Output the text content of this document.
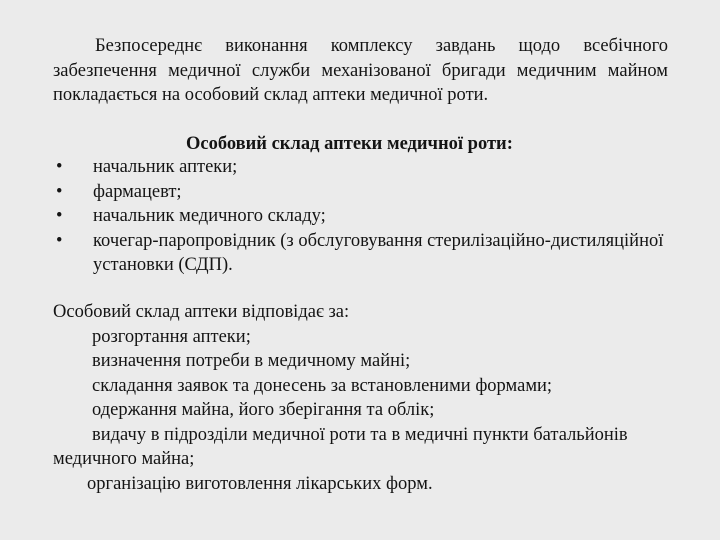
Безпосереднє виконання комплексу завдань щодо всебічного забезпечення медичної служби механізованої бригади медичним майном покладається на особовий склад аптеки медичної роти.

Особовий склад аптеки медичної роти:

• начальник аптеки;
• фармацевт;
• начальник медичного складу;
• кочегар-паропровідник (з обслуговування стерилізаційно-дистиляційної установки (СДП).

Особовий склад аптеки відповідає за:

розгортання аптеки;
визначення потреби в медичному майні;
складання заявок та донесень за встановленими формами;
одержання майна, його зберігання та облік;
видачу в підрозділи медичної роти та в медичні пункти батальйонів медичного майна;
організацію виготовлення лікарських форм.
